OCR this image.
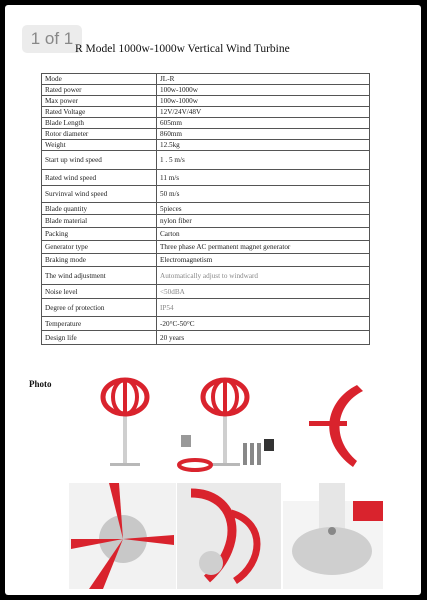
1 of 1
R Model 1000w-1000w Vertical Wind Turbine
Mode	JL-R
Rated power	100w-1000w
Max power	100w-1000w
Rated Voltage	12V/24V/48V
Blade Length	605mm
Rotor diameter	860mm
Weight	12.5kg
Start up wind speed	1 . 5 m/s
Rated wind speed	11 m/s
Survinval wind speed	50 m/s
Blade quantity	5pieces
Blade material	nylon fiber
Packing	Carton
Generator type	Three phase AC permanent magnet generator
Braking mode	Electromagnetism
The wind adjustment	Automatically adjust to windward
Noise level	<50dBA
Degree of protection	IP54
Temperature	-20°C-50°C
Design life	20 years
Photo
